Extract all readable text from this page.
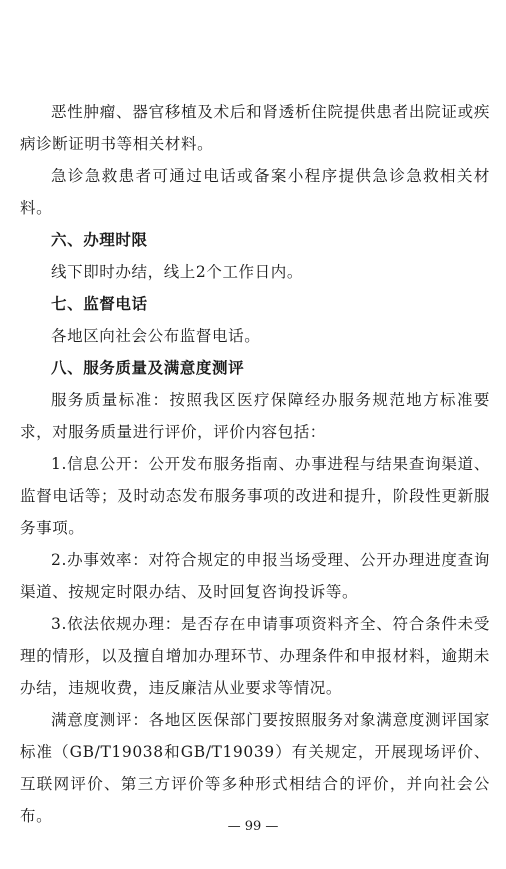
恶性肿瘤、器官移植及术后和肾透析住院提供患者出院证或疾病诊断证明书等相关材料。

急诊急救患者可通过电话或备案小程序提供急诊急救相关材料。

六、办理时限

线下即时办结，线上2个工作日内。

七、监督电话

各地区向社会公布监督电话。

八、服务质量及满意度测评

服务质量标准：按照我区医疗保障经办服务规范地方标准要求，对服务质量进行评价，评价内容包括：

1.信息公开：公开发布服务指南、办事进程与结果查询渠道、监督电话等；及时动态发布服务事项的改进和提升，阶段性更新服务事项。

2.办事效率：对符合规定的申报当场受理、公开办理进度查询渠道、按规定时限办结、及时回复咨询投诉等。

3.依法依规办理：是否存在申请事项资料齐全、符合条件未受理的情形，以及擅自增加办理环节、办理条件和申报材料，逾期未办结，违规收费，违反廉洁从业要求等情况。

满意度测评：各地区医保部门要按照服务对象满意度测评国家标准（GB/T19038和GB/T19039）有关规定，开展现场评价、互联网评价、第三方评价等多种形式相结合的评价，并向社会公布。

— 99 —
